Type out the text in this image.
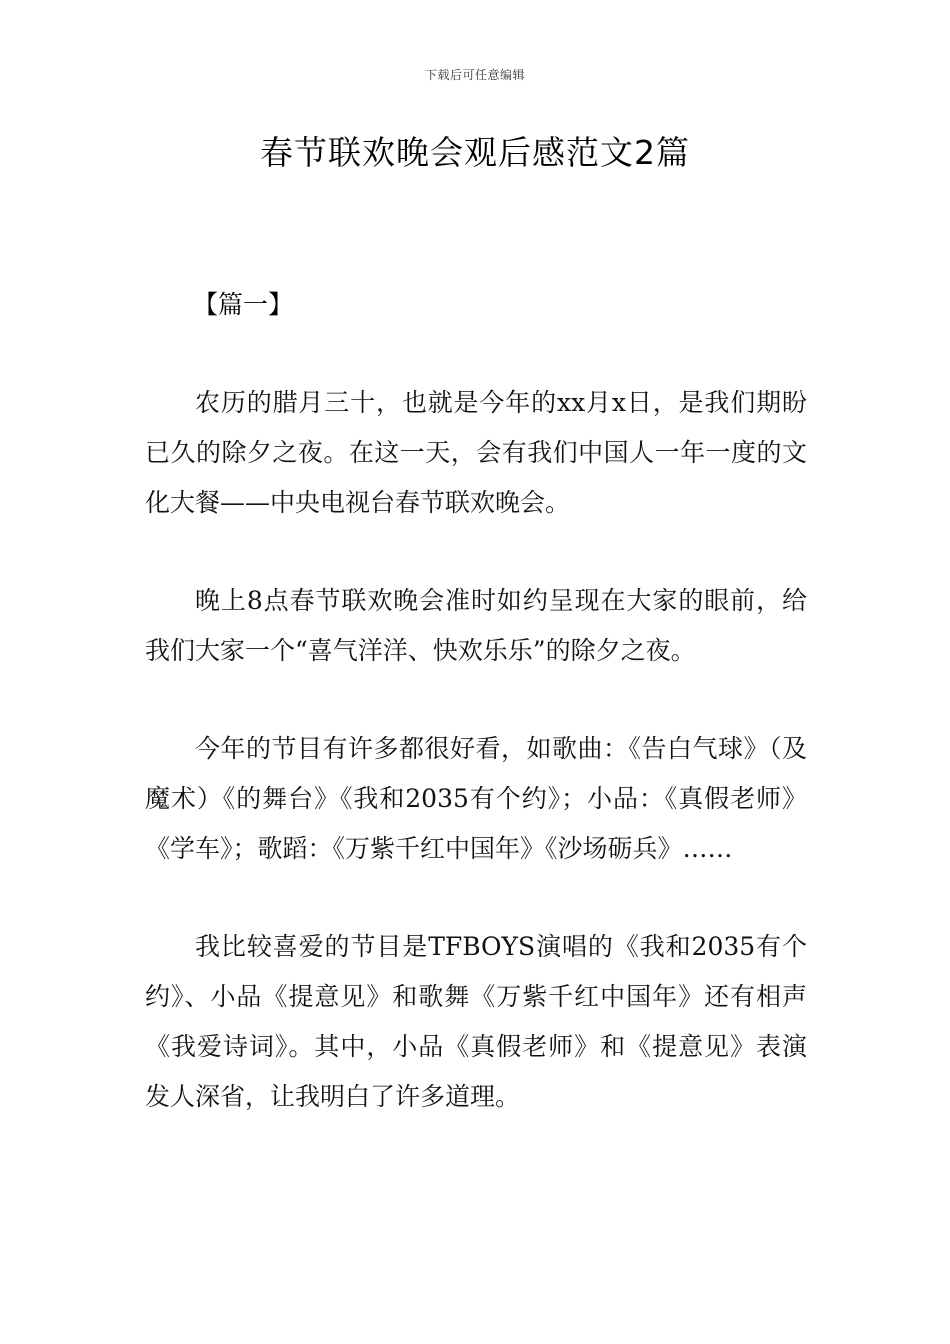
下载后可任意编辑
春节联欢晚会观后感范文2篇
【篇一】

农历的腊月三十，也就是今年的xx月x日，是我们期盼已久的除夕之夜。在这一天，会有我们中国人一年一度的文化大餐——中央电视台春节联欢晚会。

晚上8点春节联欢晚会准时如约呈现在大家的眼前，给我们大家一个“喜气洋洋、快欢乐乐”的除夕之夜。

今年的节目有许多都很好看，如歌曲：《告白气球》（及魔术）《的舞台》《我和2035有个约》；小品：《真假老师》《学车》；歌蹈：《万紫千红中国年》《沙场砺兵》……

我比较喜爱的节目是TFBOYS演唱的《我和2035有个约》、小品《提意见》和歌舞《万紫千红中国年》还有相声《我爱诗词》。其中，小品《真假老师》和《提意见》表演发人深省，让我明白了许多道理。
